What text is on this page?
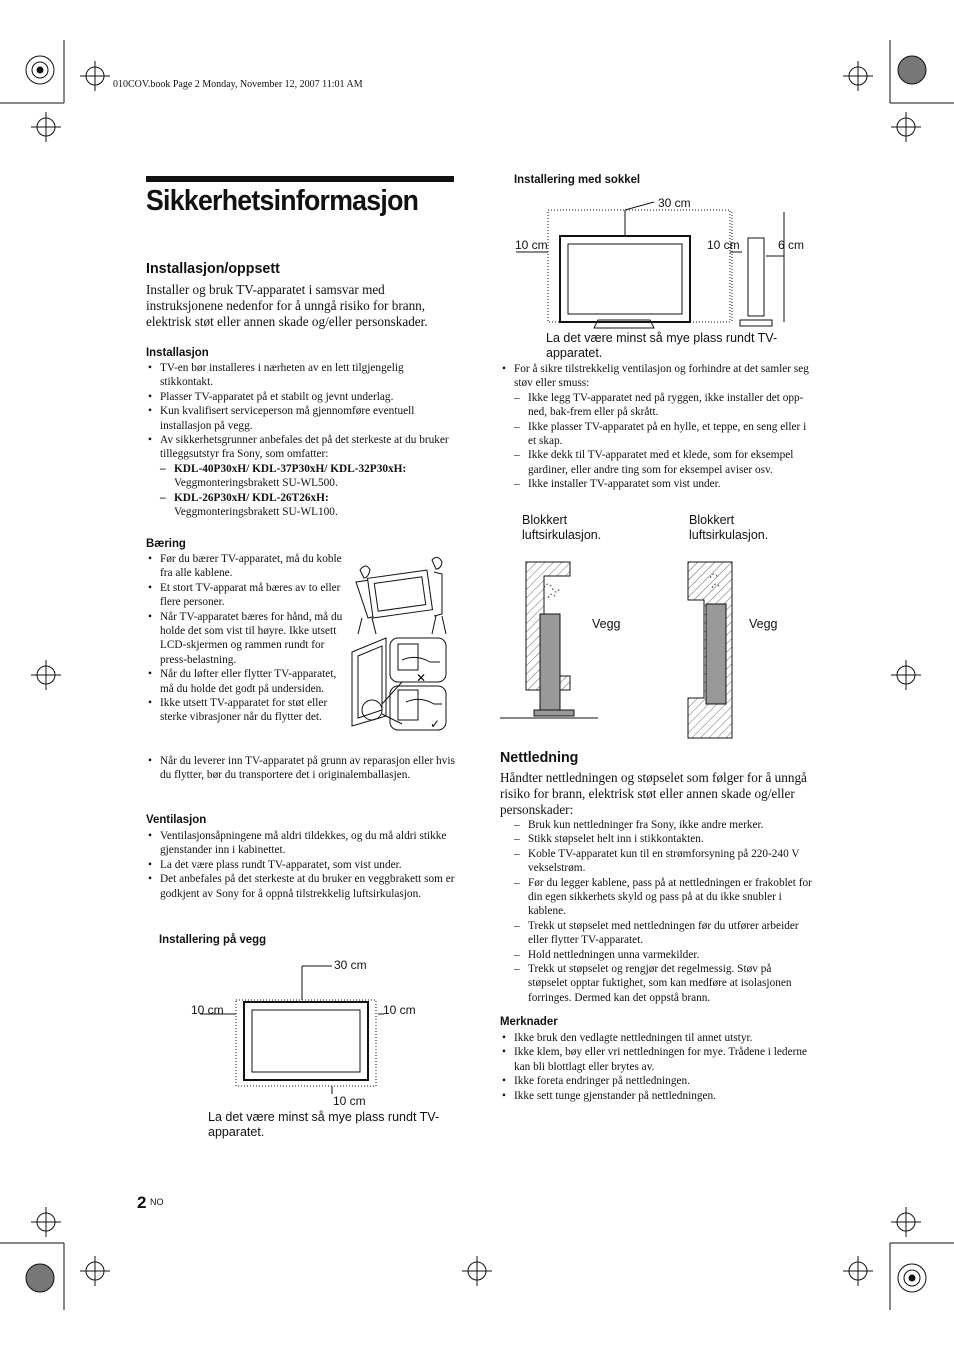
010COV.book Page 2 Monday, November 12, 2007 11:01 AM
Sikkerhetsinformasjon
Installasjon/oppsett

Installer og bruk TV-apparatet i samsvar med instruksjonene nedenfor for å unngå risiko for brann, elektrisk støt eller annen skade og/eller personskader.

Installasjon
• TV-en bør installeres i nærheten av en lett tilgjengelig stikkontakt.
• Plasser TV-apparatet på et stabilt og jevnt underlag.
• Kun kvalifisert serviceperson må gjennomføre eventuell installasjon på vegg.
• Av sikkerhetsgrunner anbefales det på det sterkeste at du bruker tilleggsutstyr fra Sony, som omfatter:
– KDL-40P30xH/ KDL-37P30xH/ KDL-32P30xH:
Veggmonteringsbrakett SU-WL500.
– KDL-26P30xH/ KDL-26T26xH:
Veggmonteringsbrakett SU-WL100.
Bæring
• Før du bærer TV-apparatet, må du koble fra alle kablene.
• Et stort TV-apparat må bæres av to eller flere personer.
• Når TV-apparatet bæres for hånd, må du holde det som vist til høyre. Ikke utsett LCD-skjermen og rammen rundt for press-belastning.
• Når du løfter eller flytter TV-apparatet, må du holde det godt på undersiden.
• Ikke utsett TV-apparatet for støt eller sterke vibrasjoner når du flytter det.
• Når du leverer inn TV-apparatet på grunn av reparasjon eller hvis du flytter, bør du transportere det i originalemballasjen.
✕
✓
Ventilasjon
• Ventilasjonsåpningene må aldri tildekkes, og du må aldri stikke gjenstander inn i kabinettet.
• La det være plass rundt TV-apparatet, som vist under.
• Det anbefales på det sterkeste at du bruker en veggbrakett som er godkjent av Sony for å oppnå tilstrekkelig luftsirkulasjon.
Installering på vegg
30 cm
10 cm	10 cm
10 cm
La det være minst så mye plass rundt TV-apparatet.
Installering med sokkel
30 cm
10 cm	10 cm	6 cm
La det være minst så mye plass rundt TV-apparatet.
• For å sikre tilstrekkelig ventilasjon og forhindre at det samler seg støv eller smuss:
– Ikke legg TV-apparatet ned på ryggen, ikke installer det opp-ned, bak-frem eller på skrått.
– Ikke plasser TV-apparatet på en hylle, et teppe, en seng eller i et skap.
– Ikke dekk til TV-apparatet med et klede, som for eksempel gardiner, eller andre ting som for eksempel aviser osv.
– Ikke installer TV-apparatet som vist under.
Blokkert luftsirkulasjon.
Blokkert luftsirkulasjon.
Vegg	Vegg
Nettledning

Håndter nettledningen og støpselet som følger for å unngå risiko for brann, elektrisk støt eller annen skade og/eller personskader:

– Bruk kun nettledninger fra Sony, ikke andre merker.
– Stikk støpselet helt inn i stikkontakten.
– Koble TV-apparatet kun til en strømforsyning på 220-240 V vekselstrøm.
– Før du legger kablene, pass på at nettledningen er frakoblet for din egen sikkerhets skyld og pass på at du ikke snubler i kablene.
– Trekk ut støpselet med nettledningen før du utfører arbeider eller flytter TV-apparatet.
– Hold nettledningen unna varmekilder.
– Trekk ut støpselet og rengjør det regelmessig. Støv på støpselet opptar fuktighet, som kan medføre at isolasjonen forringes. Dermed kan det oppstå brann.
Merknader
• Ikke bruk den vedlagte nettledningen til annet utstyr.
• Ikke klem, bøy eller vri nettledningen for mye. Trådene i lederne kan bli blottlagt eller brytes av.
• Ikke foreta endringer på nettledningen.
• Ikke sett tunge gjenstander på nettledningen.
2 NO
